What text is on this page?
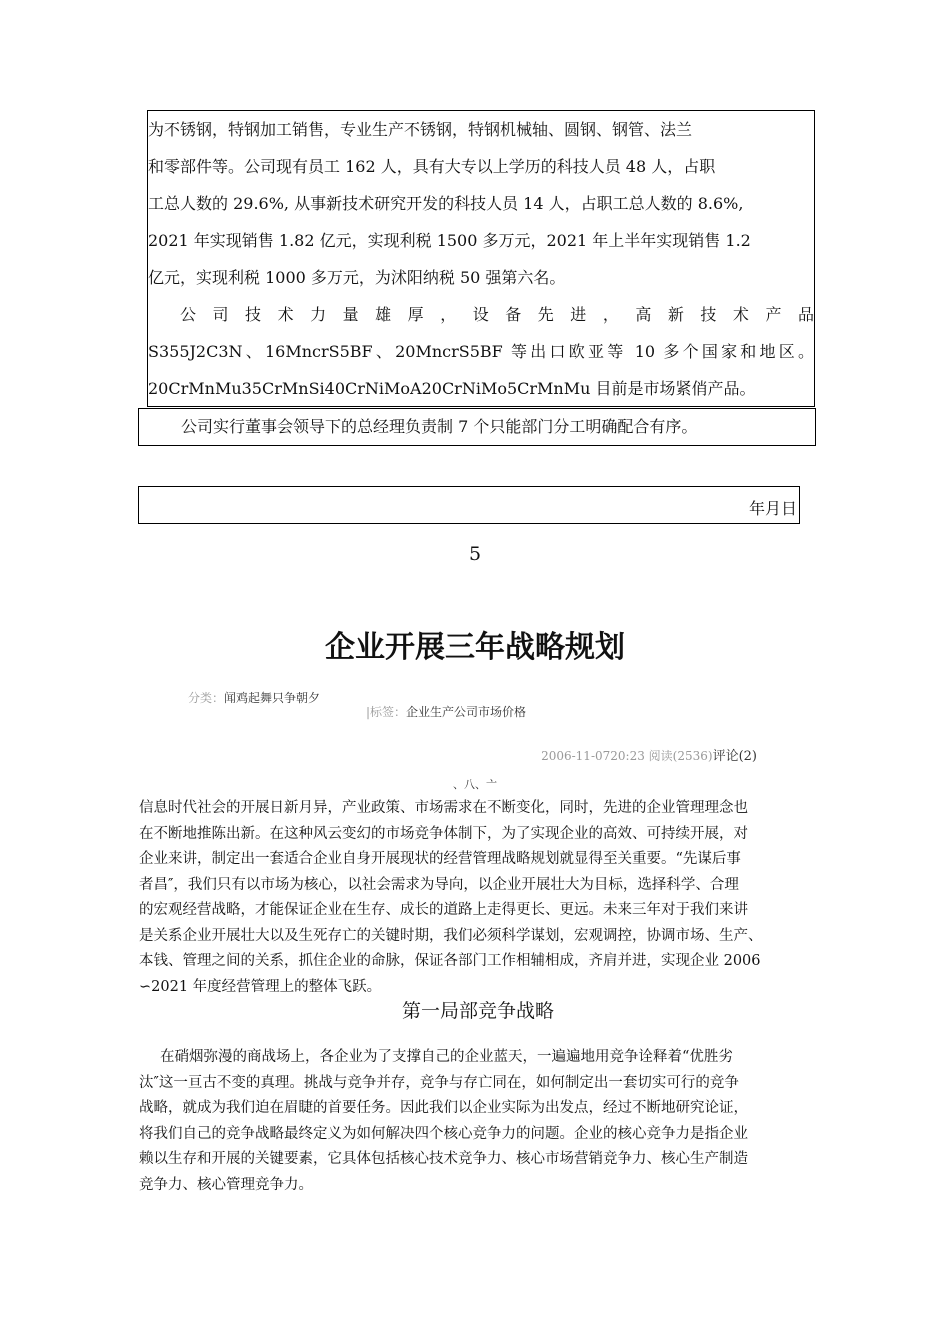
为不锈钢，特钢加工销售，专业生产不锈钢，特钢机械轴、圆钢、钢管、法兰

和零部件等。公司现有员工 162 人，具有大专以上学历的科技人员 48 人，占职

工总人数的 29.6%, 从事新技术研究开发的科技人员 14 人，占职工总人数的 8.6%,

2021 年实现销售 1.82 亿元，实现利税 1500 多万元，2021 年上半年实现销售 1.2

亿元，实现利税 1000 多万元，为沭阳纳税 50 强第六名。

公司技术力量雄厚，设备先进，高新技术产品

S355J2C3N、16MncrS5BF、20MncrS5BF 等出口欧亚等 10 多个国家和地区。

20CrMnMu35CrMnSi40CrNiMoA20CrNiMo5CrMnMu 目前是市场紧俏产品。

公司实行董事会领导下的总经理负责制 7 个只能部门分工明确配合有序。
年月日
5
企业开展三年战略规划
分类：闻鸡起舞只争朝夕
|标签：企业生产公司市场价格
2006-11-0720:23 阅读(2536)评论(2)
、八、亠

信息时代社会的开展日新月异，产业政策、市场需求在不断变化，同时，先进的企业管理理念也

在不断地推陈出新。在这种风云变幻的市场竞争体制下，为了实现企业的高效、可持续开展，对

企业来讲，制定出一套适合企业自身开展现状的经营管理战略规划就显得至关重要。“先谋后事

者昌″，我们只有以市场为核心，以社会需求为导向，以企业开展壮大为目标，选择科学、合理

的宏观经营战略，才能保证企业在生存、成长的道路上走得更长、更远。未来三年对于我们来讲

是关系企业开展壮大以及生死存亡的关键时期，我们必须科学谋划，宏观调控，协调市场、生产、

本钱、管理之间的关系，抓住企业的命脉，保证各部门工作相辅相成，齐肩并进，实现企业 2006

∽2021 年度经营管理上的整体飞跃。

第一局部竞争战略

在硝烟弥漫的商战场上，各企业为了支撑自己的企业蓝天，一遍遍地用竞争诠释着“优胜劣

汰″这一亘古不变的真理。挑战与竞争并存，竞争与存亡同在，如何制定出一套切实可行的竞争

战略，就成为我们迫在眉睫的首要任务。因此我们以企业实际为出发点，经过不断地研究论证，

将我们自己的竞争战略最终定义为如何解决四个核心竞争力的问题。企业的核心竞争力是指企业

赖以生存和开展的关键要素，它具体包括核心技术竞争力、核心市场营销竞争力、核心生产制造

竞争力、核心管理竞争力。
